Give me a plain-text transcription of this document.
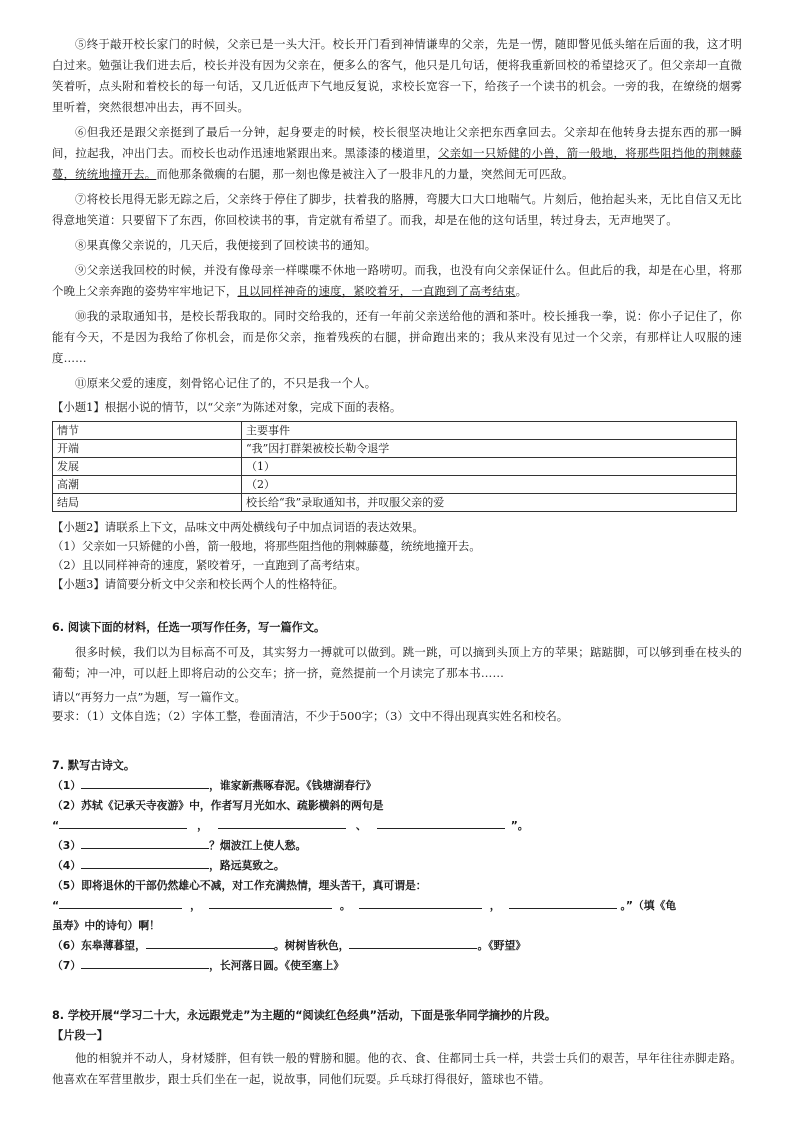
⑤终于敲开校长家门的时候，父亲已是一头大汗。校长开门看到神情谦卑的父亲，先是一愣，随即瞥见低头缩在后面的我，这才明白过来。勉强让我们进去后，校长并没有因为父亲在，便多么的客气，他只是几句话，便将我重新回校的希望捻灭了。但父亲却一直微笑着听，点头附和着校长的每一句话，又几近低声下气地反复说，求校长宽容一下，给孩子一个读书的机会。一旁的我，在缭绕的烟雾里听着，突然很想冲出去，再不回头。

⑥但我还是跟父亲挺到了最后一分钟，起身要走的时候，校长很坚决地让父亲把东西拿回去。父亲却在他转身去提东西的那一瞬间，拉起我，冲出门去。而校长也动作迅速地紧跟出来。黑漆漆的楼道里，父亲如一只矫健的小兽，箭一般地，将那些阻挡他的荆棘藤蔓，统统地撞开去。而他那条微瘸的右腿，那一刻也像是被注入了一股非凡的力量，突然间无可匹敌。

⑦将校长甩得无影无踪之后，父亲终于停住了脚步，扶着我的胳膊，弯腰大口大口地喘气。片刻后，他抬起头来，无比自信又无比得意地笑道：只要留下了东西，你回校读书的事，肯定就有希望了。而我，却是在他的这句话里，转过身去，无声地哭了。

⑧果真像父亲说的，几天后，我便接到了回校读书的通知。

⑨父亲送我回校的时候，并没有像母亲一样喋喋不休地一路唠叨。而我，也没有向父亲保证什么。但此后的我，却是在心里，将那个晚上父亲奔跑的姿势牢牢地记下，且以同样神奇的速度，紧咬着牙，一直跑到了高考结束。

⑩我的录取通知书，是校长帮我取的。同时交给我的，还有一年前父亲送给他的酒和茶叶。校长捶我一拳，说：你小子记住了，你能有今天，不是因为我给了你机会，而是你父亲，拖着残疾的右腿，拼命跑出来的；我从来没有见过一个父亲，有那样让人叹服的速度……

⑪原来父爱的速度，刻骨铭心记住了的，不只是我一个人。

【小题1】根据小说的情节，以“父亲”为陈述对象，完成下面的表格。

情节	主要事件
开端	“我”因打群架被校长勒令退学
发展	（1）
高潮	（2）
结局	校长给“我”录取通知书，并叹服父亲的爱

【小题2】请联系上下文，品味文中两处横线句子中加点词语的表达效果。

（1）父亲如一只矫健的小兽，箭一般地，将那些阻挡他的荆棘藤蔓，统统地撞开去。

（2）且以同样神奇的速度，紧咬着牙，一直跑到了高考结束。

【小题3】请简要分析文中父亲和校长两个人的性格特征。

6. 阅读下面的材料，任选一项写作任务，写一篇作文。

很多时候，我们以为目标高不可及，其实努力一搏就可以做到。跳一跳，可以摘到头顶上方的苹果；踮踮脚，可以够到垂在枝头的葡萄；冲一冲，可以赶上即将启动的公交车；挤一挤，竟然提前一个月读完了那本书……

请以“再努力一点”为题，写一篇作文。

要求：（1）文体自选；（2）字体工整，卷面清洁，不少于500字；（3）文中不得出现真实姓名和校名。

7. 默写古诗文。

（1）	，谁家新燕啄春泥。《钱塘湖春行》

（2）苏轼《记承天寺夜游》中，作者写月光如水、疏影横斜的两句是

“	，	、	”。

（3）	？烟波江上使人愁。

（4）	，路远莫致之。

（5）即将退休的干部仍然雄心不减，对工作充满热情，埋头苦干，真可谓是：

“	，	。	，	。”（填《龟

虽寿》中的诗句）啊！

（6）东皋薄暮望，	。树树皆秋色，	。《野望》

（7）	，长河落日圆。《使至塞上》

8. 学校开展“学习二十大，永远跟党走”为主题的“阅读红色经典”活动，下面是张华同学摘抄的片段。

【片段一】

他的相貌并不动人，身材矮胖，但有铁一般的臂膀和腿。他的衣、食、住都同士兵一样，共尝士兵们的艰苦，早年往往赤脚走路。他喜欢在军营里散步，跟士兵们坐在一起，说故事，同他们玩耍。乒乓球打得很好，篮球也不错。
